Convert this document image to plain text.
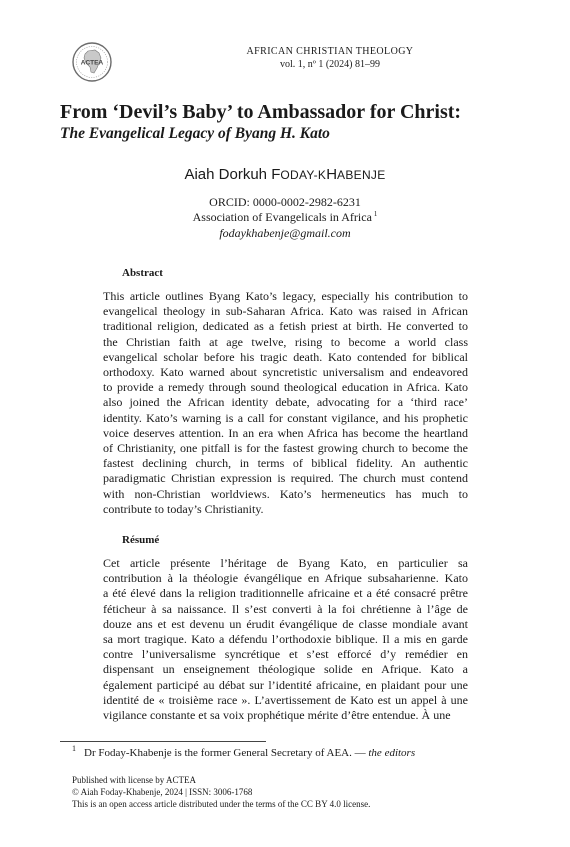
ACTEA
AFRICAN CHRISTIAN THEOLOGY
vol. 1, nº 1 (2024) 81–99
From ‘Devil’s Baby’ to Ambassador for Christ:
The Evangelical Legacy of Byang H. Kato
Aiah Dorkuh FODAY-KHABENJE
ORCID: 0000-0002-2982-6231
Association of Evangelicals in Africa $^1$
fodaykhabenje@gmail.com
Abstract
This article outlines Byang Kato’s legacy, especially his contribution to
evangelical theology in sub-Saharan Africa. Kato was raised in African
traditional religion, dedicated as a fetish priest at birth. He converted to
the Christian faith at age twelve, rising to become a world class
evangelical scholar before his tragic death. Kato contended for biblical
orthodoxy. Kato warned about syncretistic universalism and endeavored
to provide a remedy through sound theological education in Africa. Kato
also joined the African identity debate, advocating for a ‘third race’
identity. Kato’s warning is a call for constant vigilance, and his prophetic
voice deserves attention. In an era when Africa has become the heartland
of Christianity, one pitfall is for the fastest growing church to become the
fastest declining church, in terms of biblical fidelity. An authentic
paradigmatic Christian expression is required. The church must contend
with non-Christian worldviews. Kato’s hermeneutics has much to
contribute to today’s Christianity.
Résumé
Cet article présente l’héritage de Byang Kato, en particulier sa
contribution à la théologie évangélique en Afrique subsaharienne. Kato
a été élevé dans la religion traditionnelle africaine et a été consacré prêtre
féticheur à sa naissance. Il s’est converti à la foi chrétienne à l’âge de
douze ans et est devenu un érudit évangélique de classe mondiale avant
sa mort tragique. Kato a défendu l’orthodoxie biblique. Il a mis en garde
contre l’universalisme syncrétique et s’est efforcé d’y remédier en
dispensant un enseignement théologique solide en Afrique. Kato a
également participé au débat sur l’identité africaine, en plaidant pour une
identité de « troisième race ». L’avertissement de Kato est un appel à une
vigilance constante et sa voix prophétique mérite d’être entendue. À une
$^1$ Dr Foday-Khabenje is the former General Secretary of AEA. — the editors
Published with license by ACTEA
© Aiah Foday-Khabenje, 2024 | ISSN: 3006-1768
This is an open access article distributed under the terms of the CC BY 4.0 license.
